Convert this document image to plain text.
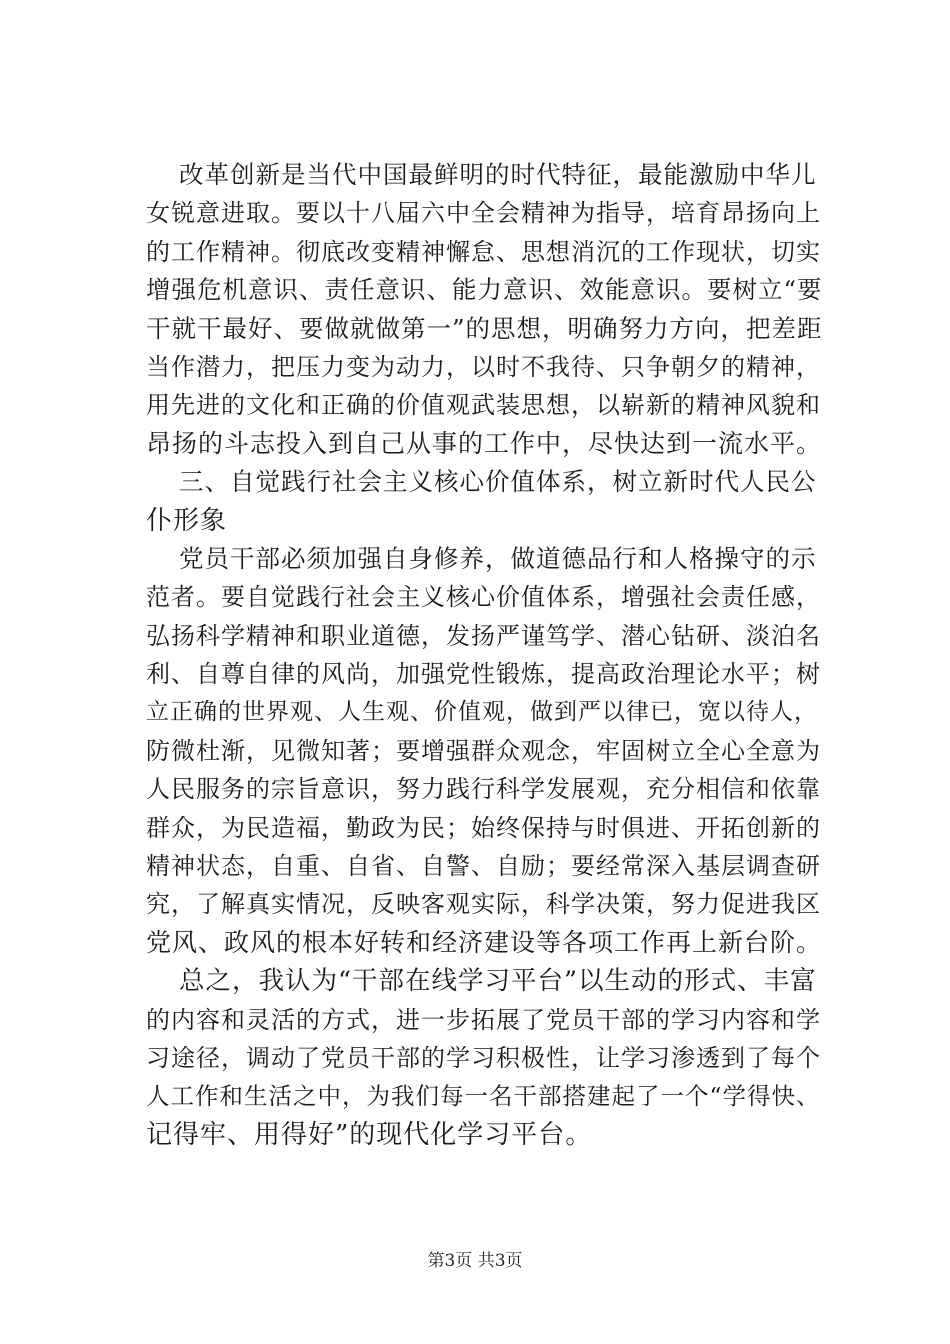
改革创新是当代中国最鲜明的时代特征，最能激励中华儿
女锐意进取。要以十八届六中全会精神为指导，培育昂扬向上
的工作精神。彻底改变精神懈怠、思想消沉的工作现状，切实
增强危机意识、责任意识、能力意识、效能意识。要树立“要
干就干最好、要做就做第一”的思想，明确努力方向，把差距
当作潜力，把压力变为动力，以时不我待、只争朝夕的精神，
用先进的文化和正确的价值观武装思想，以崭新的精神风貌和
昂扬的斗志投入到自己从事的工作中，尽快达到一流水平。
三、自觉践行社会主义核心价值体系，树立新时代人民公
仆形象
党员干部必须加强自身修养，做道德品行和人格操守的示
范者。要自觉践行社会主义核心价值体系，增强社会责任感，
弘扬科学精神和职业道德，发扬严谨笃学、潜心钻研、淡泊名
利、自尊自律的风尚，加强党性锻炼，提高政治理论水平；树
立正确的世界观、人生观、价值观，做到严以律已，宽以待人，
防微杜渐，见微知著；要增强群众观念，牢固树立全心全意为
人民服务的宗旨意识，努力践行科学发展观，充分相信和依靠
群众，为民造福，勤政为民；始终保持与时俱进、开拓创新的
精神状态，自重、自省、自警、自励；要经常深入基层调查研
究，了解真实情况，反映客观实际，科学决策，努力促进我区
党风、政风的根本好转和经济建设等各项工作再上新台阶。
总之，我认为“干部在线学习平台”以生动的形式、丰富
的内容和灵活的方式，进一步拓展了党员干部的学习内容和学
习途径，调动了党员干部的学习积极性，让学习渗透到了每个
人工作和生活之中，为我们每一名干部搭建起了一个“学得快、
记得牢、用得好”的现代化学习平台。
第3页 共3页
